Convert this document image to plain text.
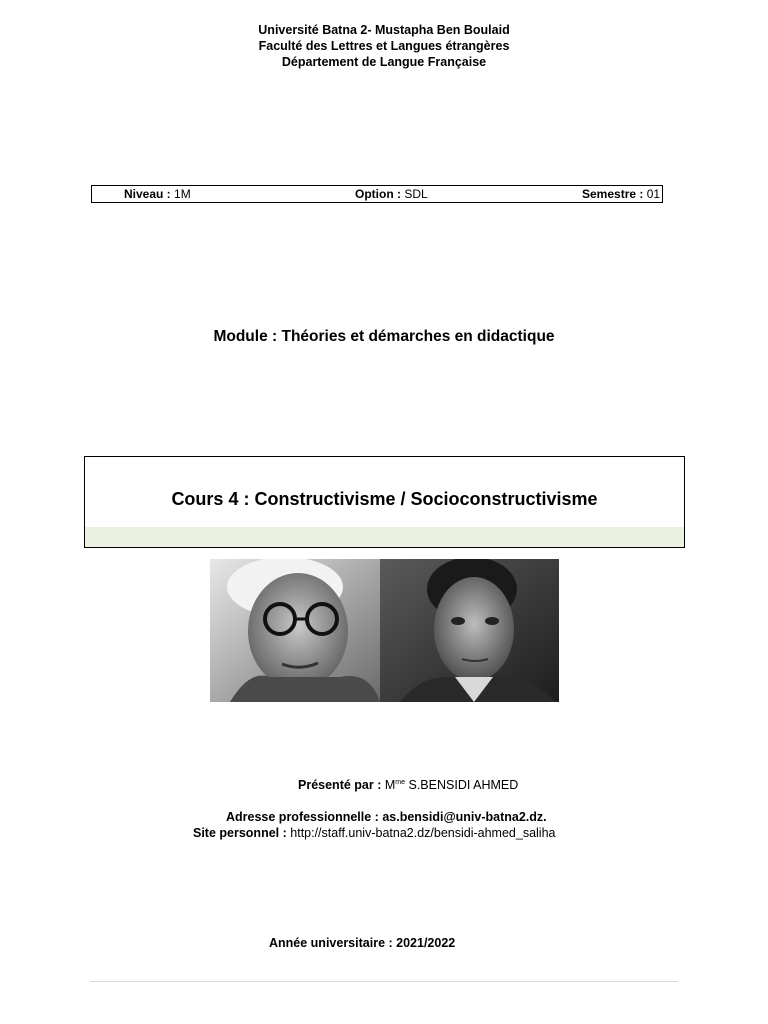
Université Batna 2- Mustapha Ben Boulaid
Faculté des Lettres et Langues étrangères
Département de Langue Française
Niveau : 1M	Option : SDL	Semestre : 01
Module : Théories et démarches en didactique
Cours 4 : Constructivisme / Socioconstructivisme
Présenté par : $M^{me}$ S.BENSIDI AHMED
Adresse professionnelle : as.bensidi@univ-batna2.dz.
Site personnel : http://staff.univ-batna2.dz/bensidi-ahmed_saliha
Année universitaire : 2021/2022
